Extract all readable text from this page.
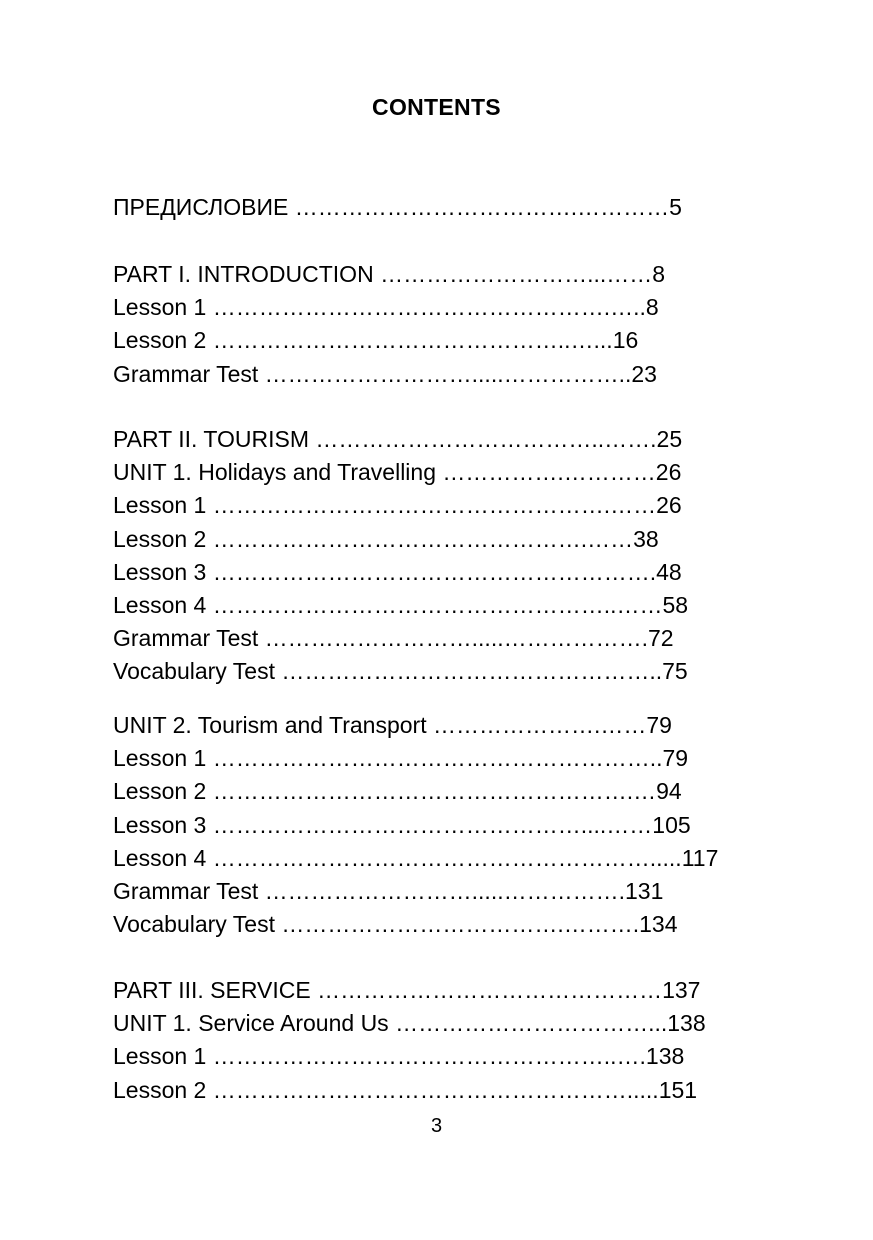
CONTENTS
ПРЕДИСЛОВИЕ ……………………………….…………5
PART I. INTRODUCTION ………………………...……8
Lesson 1 …………………………………………….…..8
Lesson 2 ………………………………………..…...16
Grammar Test ……………………….....……………..23
PART II. TOURISM ………………………………..…….25
UNIT 1. Holidays and Travelling …………….…………26
Lesson 1 …………………………………………….……26
Lesson 2 ………………………………………….……38
Lesson 3 ………………………………………………….48
Lesson 4 ……………………………………………..……58
Grammar Test ……………………….....……………….72
Vocabulary Test …………………………………………..75
UNIT 2. Tourism and Transport ………………….……79
Lesson 1 …………………………………………………..79
Lesson 2 ……………………………………………….…94
Lesson 3 …………………………………………....……105
Lesson 4 ………………………………………………….....117
Grammar Test ……………………….....…………….131
Vocabulary Test ……………………………….……….134
PART III. SERVICE ………………………………………137
UNIT 1. Service Around Us ……………………………...138
Lesson 1 ……………………………………………..….138
Lesson 2 ……………………………………………….....151
3
